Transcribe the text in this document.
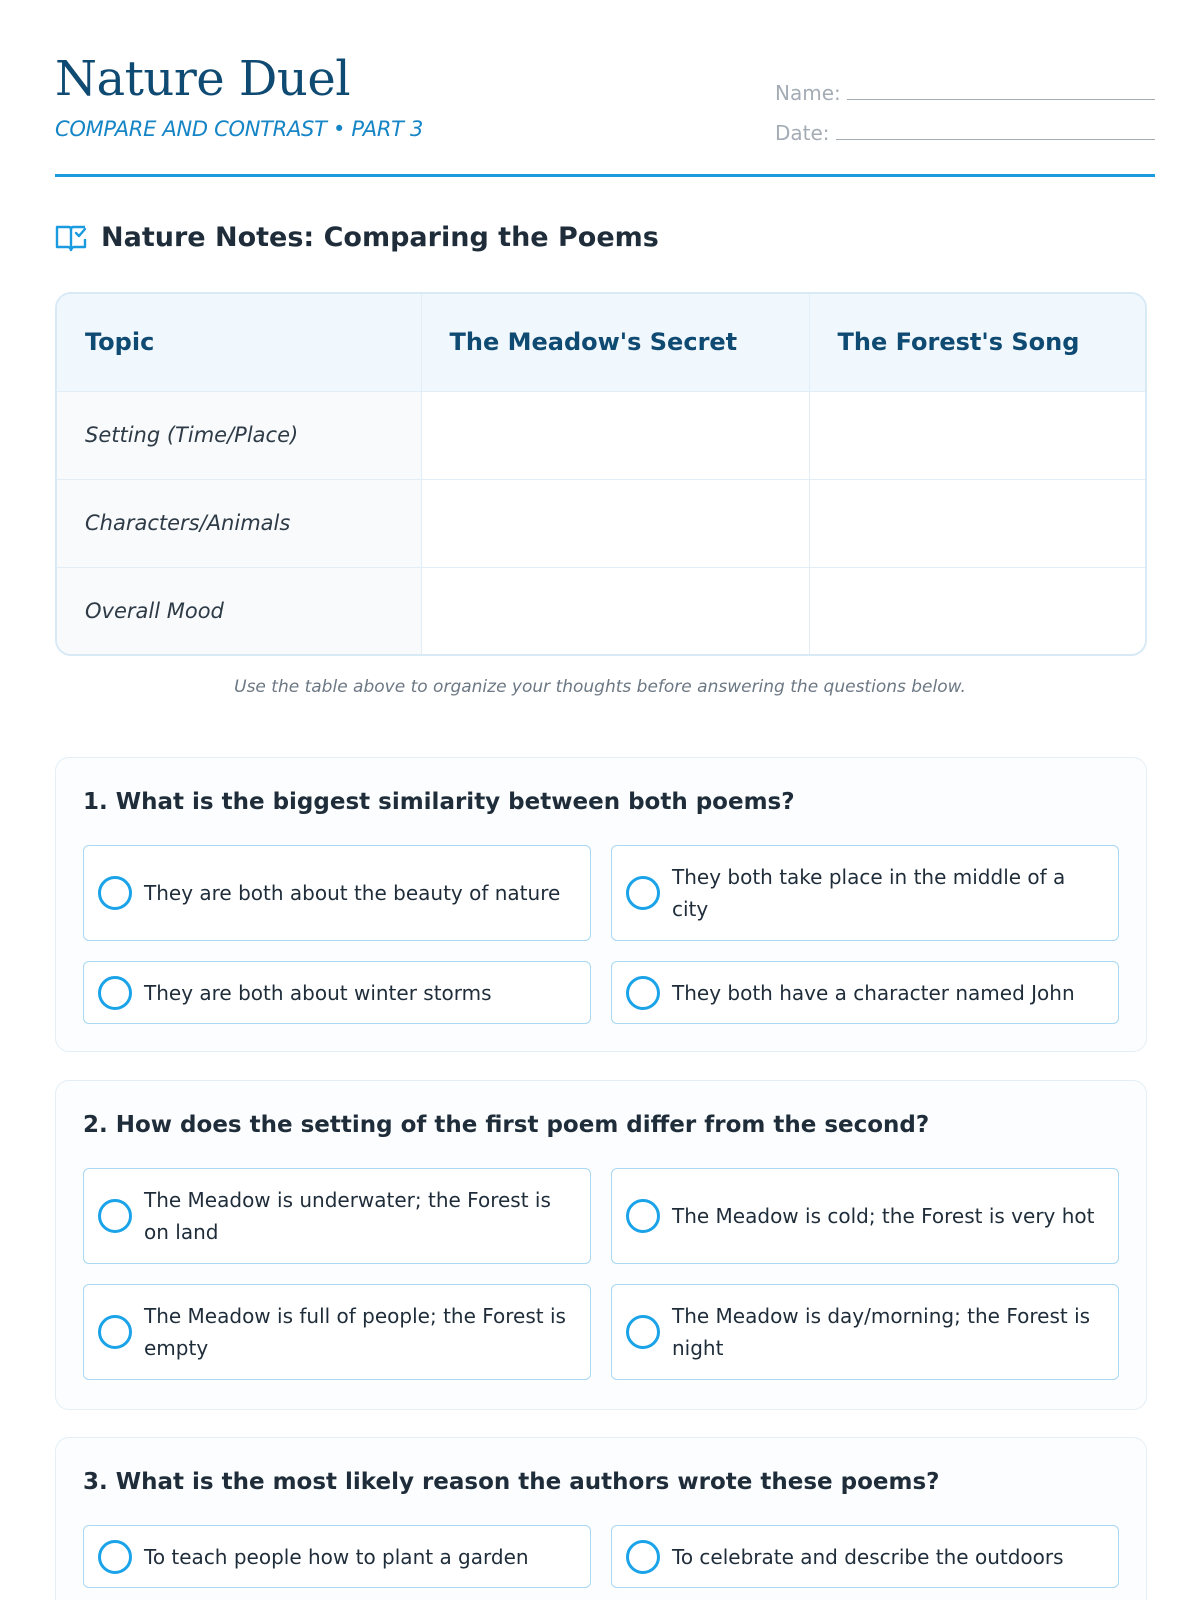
Nature Duel
COMPARE AND CONTRAST • PART 3
Name:
Date:
Nature Notes: Comparing the Poems
Topic	The Meadow's Secret	The Forest's Song
Setting (Time/Place)		
Characters/Animals		
Overall Mood		
Use the table above to organize your thoughts before answering the questions below.
1. What is the biggest similarity between both poems?
They are both about the beauty of nature
They both take place in the middle of a city
They are both about winter storms	They both have a character named John
2. How does the setting of the first poem differ from the second?
The Meadow is underwater; the Forest is on land
The Meadow is cold; the Forest is very hot
The Meadow is full of people; the Forest is empty
The Meadow is day/morning; the Forest is night
3. What is the most likely reason the authors wrote these poems?
To teach people how to plant a garden	To celebrate and describe the outdoors
